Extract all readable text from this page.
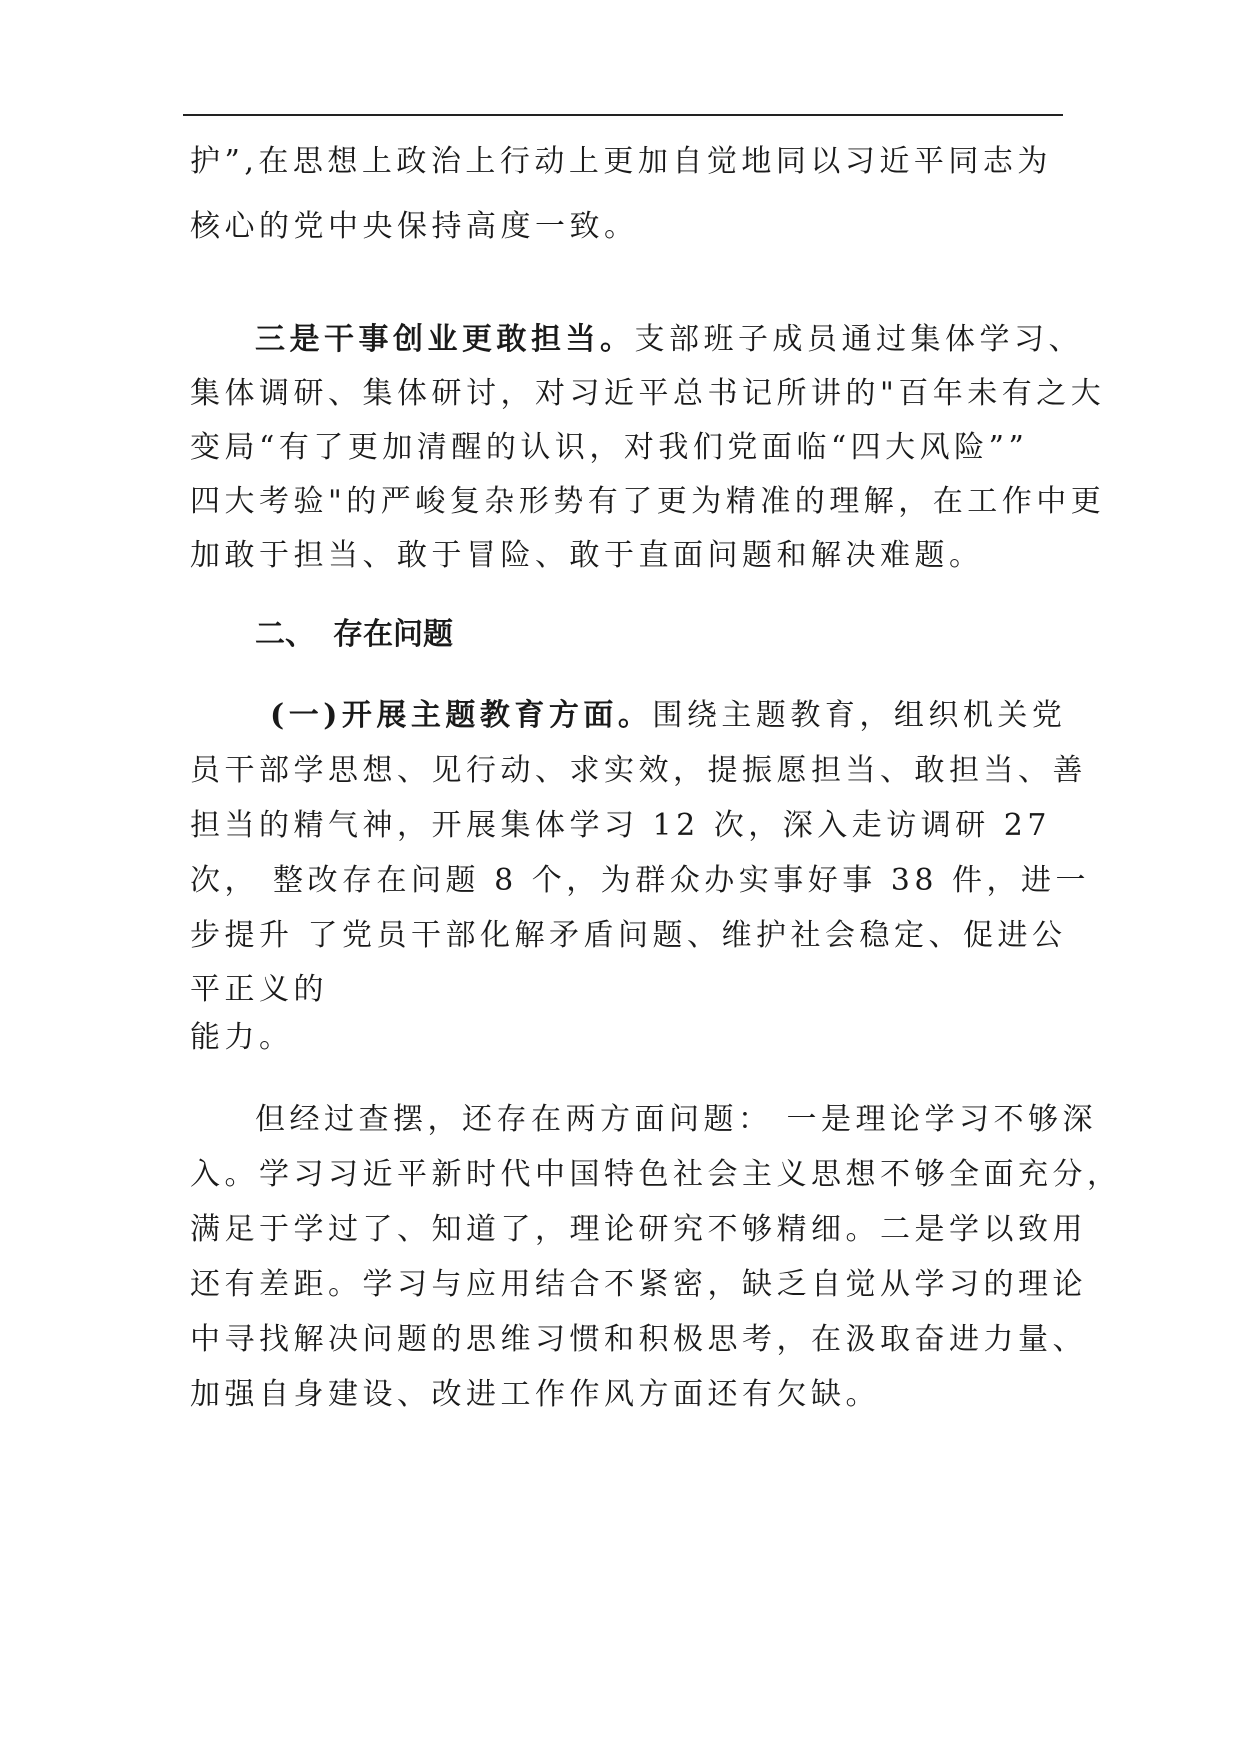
护”,在思想上政治上行动上更加自觉地同以习近平同志为
核心的党中央保持高度一致。
三是干事创业更敢担当。支部班子成员通过集体学习、
集体调研、集体研讨，对习近平总书记所讲的"百年未有之大
变局“有了更加清醒的认识，对我们党面临“四大风险””
四大考验"的严峻复杂形势有了更为精准的理解，在工作中更
加敢于担当、敢于冒险、敢于直面问题和解决难题。
二、 存在问题
(一)开展主题教育方面。围绕主题教育，组织机关党
员干部学思想、见行动、求实效，提振愿担当、敢担当、善
担当的精气神，开展集体学习 12 次，深入走访调研 27
次， 整改存在问题 8 个，为群众办实事好事 38 件，进一
步提升 了党员干部化解矛盾问题、维护社会稳定、促进公
平正义的
能力。
但经过查摆，还存在两方面问题： 一是理论学习不够深
入。学习习近平新时代中国特色社会主义思想不够全面充分，
满足于学过了、知道了，理论研究不够精细。二是学以致用
还有差距。学习与应用结合不紧密，缺乏自觉从学习的理论
中寻找解决问题的思维习惯和积极思考，在汲取奋进力量、
加强自身建设、改进工作作风方面还有欠缺。
